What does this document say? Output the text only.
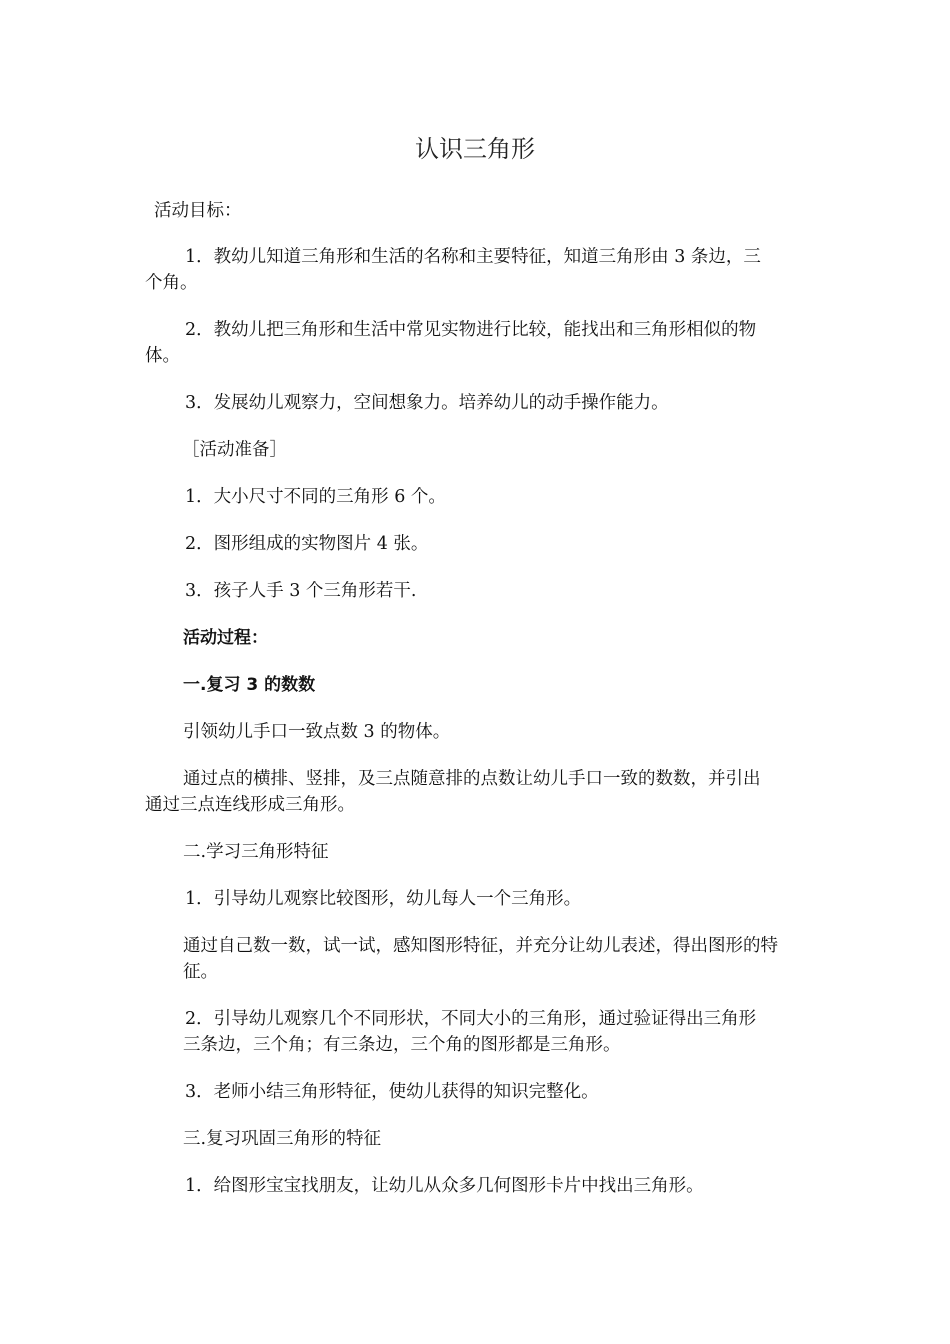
认识三角形
活动目标：
1．教幼儿知道三角形和生活的名称和主要特征，知道三角形由 3 条边，三
个角。
2．教幼儿把三角形和生活中常见实物进行比较，能找出和三角形相似的物
体。
3．发展幼儿观察力，空间想象力。培养幼儿的动手操作能力。
［活动准备］
1．大小尺寸不同的三角形 6 个。
2．图形组成的实物图片 4 张。
3．孩子人手 3 个三角形若干.
活动过程：
一.复习 3 的数数
引领幼儿手口一致点数 3 的物体。
通过点的横排、竖排，及三点随意排的点数让幼儿手口一致的数数，并引出
通过三点连线形成三角形。
二.学习三角形特征
1．引导幼儿观察比较图形，幼儿每人一个三角形。
通过自己数一数，试一试，感知图形特征，并充分让幼儿表述，得出图形的特
征。
2．引导幼儿观察几个不同形状，不同大小的三角形，通过验证得出三角形
三条边，三个角；有三条边，三个角的图形都是三角形。
3．老师小结三角形特征，使幼儿获得的知识完整化。
三.复习巩固三角形的特征
1．给图形宝宝找朋友，让幼儿从众多几何图形卡片中找出三角形。
